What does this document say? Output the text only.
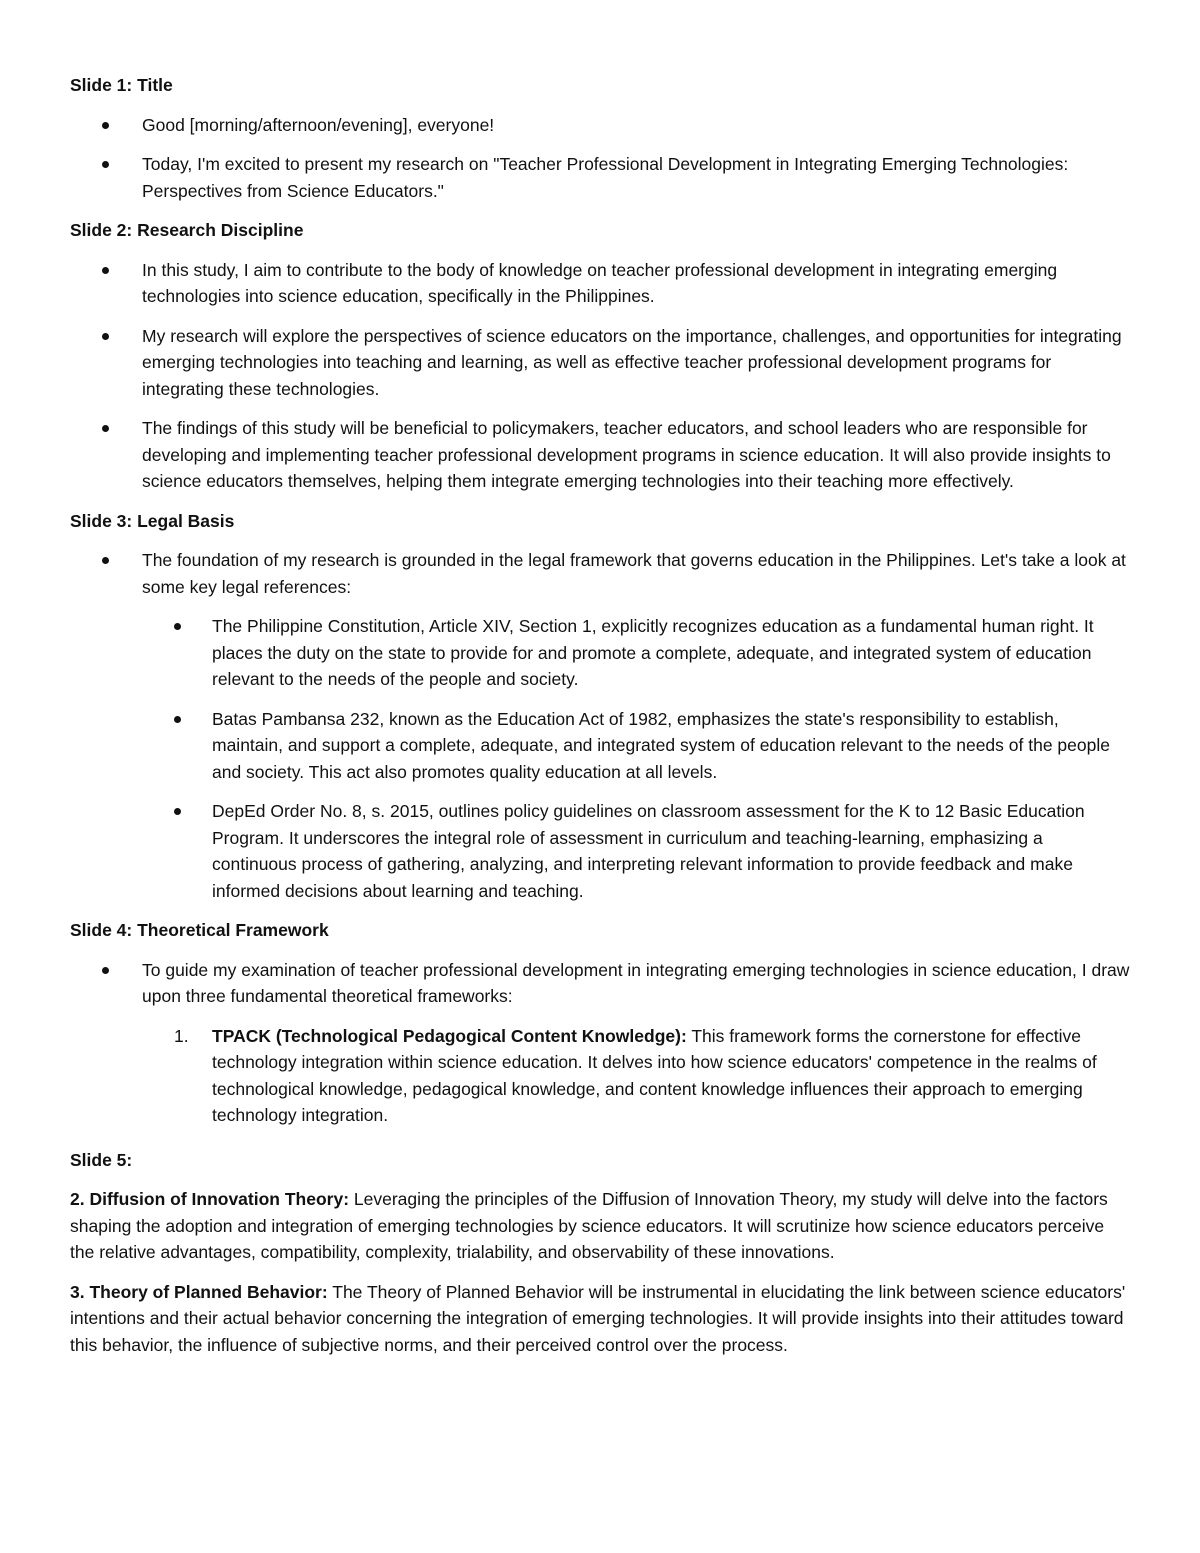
Slide 1: Title
Good [morning/afternoon/evening], everyone!
Today, I'm excited to present my research on "Teacher Professional Development in Integrating Emerging Technologies: Perspectives from Science Educators."
Slide 2: Research Discipline
In this study, I aim to contribute to the body of knowledge on teacher professional development in integrating emerging technologies into science education, specifically in the Philippines.
My research will explore the perspectives of science educators on the importance, challenges, and opportunities for integrating emerging technologies into teaching and learning, as well as effective teacher professional development programs for integrating these technologies.
The findings of this study will be beneficial to policymakers, teacher educators, and school leaders who are responsible for developing and implementing teacher professional development programs in science education. It will also provide insights to science educators themselves, helping them integrate emerging technologies into their teaching more effectively.
Slide 3: Legal Basis
The foundation of my research is grounded in the legal framework that governs education in the Philippines. Let's take a look at some key legal references:
The Philippine Constitution, Article XIV, Section 1, explicitly recognizes education as a fundamental human right. It places the duty on the state to provide for and promote a complete, adequate, and integrated system of education relevant to the needs of the people and society.
Batas Pambansa 232, known as the Education Act of 1982, emphasizes the state's responsibility to establish, maintain, and support a complete, adequate, and integrated system of education relevant to the needs of the people and society. This act also promotes quality education at all levels.
DepEd Order No. 8, s. 2015, outlines policy guidelines on classroom assessment for the K to 12 Basic Education Program. It underscores the integral role of assessment in curriculum and teaching-learning, emphasizing a continuous process of gathering, analyzing, and interpreting relevant information to provide feedback and make informed decisions about learning and teaching.
Slide 4: Theoretical Framework
To guide my examination of teacher professional development in integrating emerging technologies in science education, I draw upon three fundamental theoretical frameworks:
1. TPACK (Technological Pedagogical Content Knowledge): This framework forms the cornerstone for effective technology integration within science education. It delves into how science educators' competence in the realms of technological knowledge, pedagogical knowledge, and content knowledge influences their approach to emerging technology integration.
Slide 5:

2. Diffusion of Innovation Theory: Leveraging the principles of the Diffusion of Innovation Theory, my study will delve into the factors shaping the adoption and integration of emerging technologies by science educators. It will scrutinize how science educators perceive the relative advantages, compatibility, complexity, trialability, and observability of these innovations.

3. Theory of Planned Behavior: The Theory of Planned Behavior will be instrumental in elucidating the link between science educators' intentions and their actual behavior concerning the integration of emerging technologies. It will provide insights into their attitudes toward this behavior, the influence of subjective norms, and their perceived control over the process.
